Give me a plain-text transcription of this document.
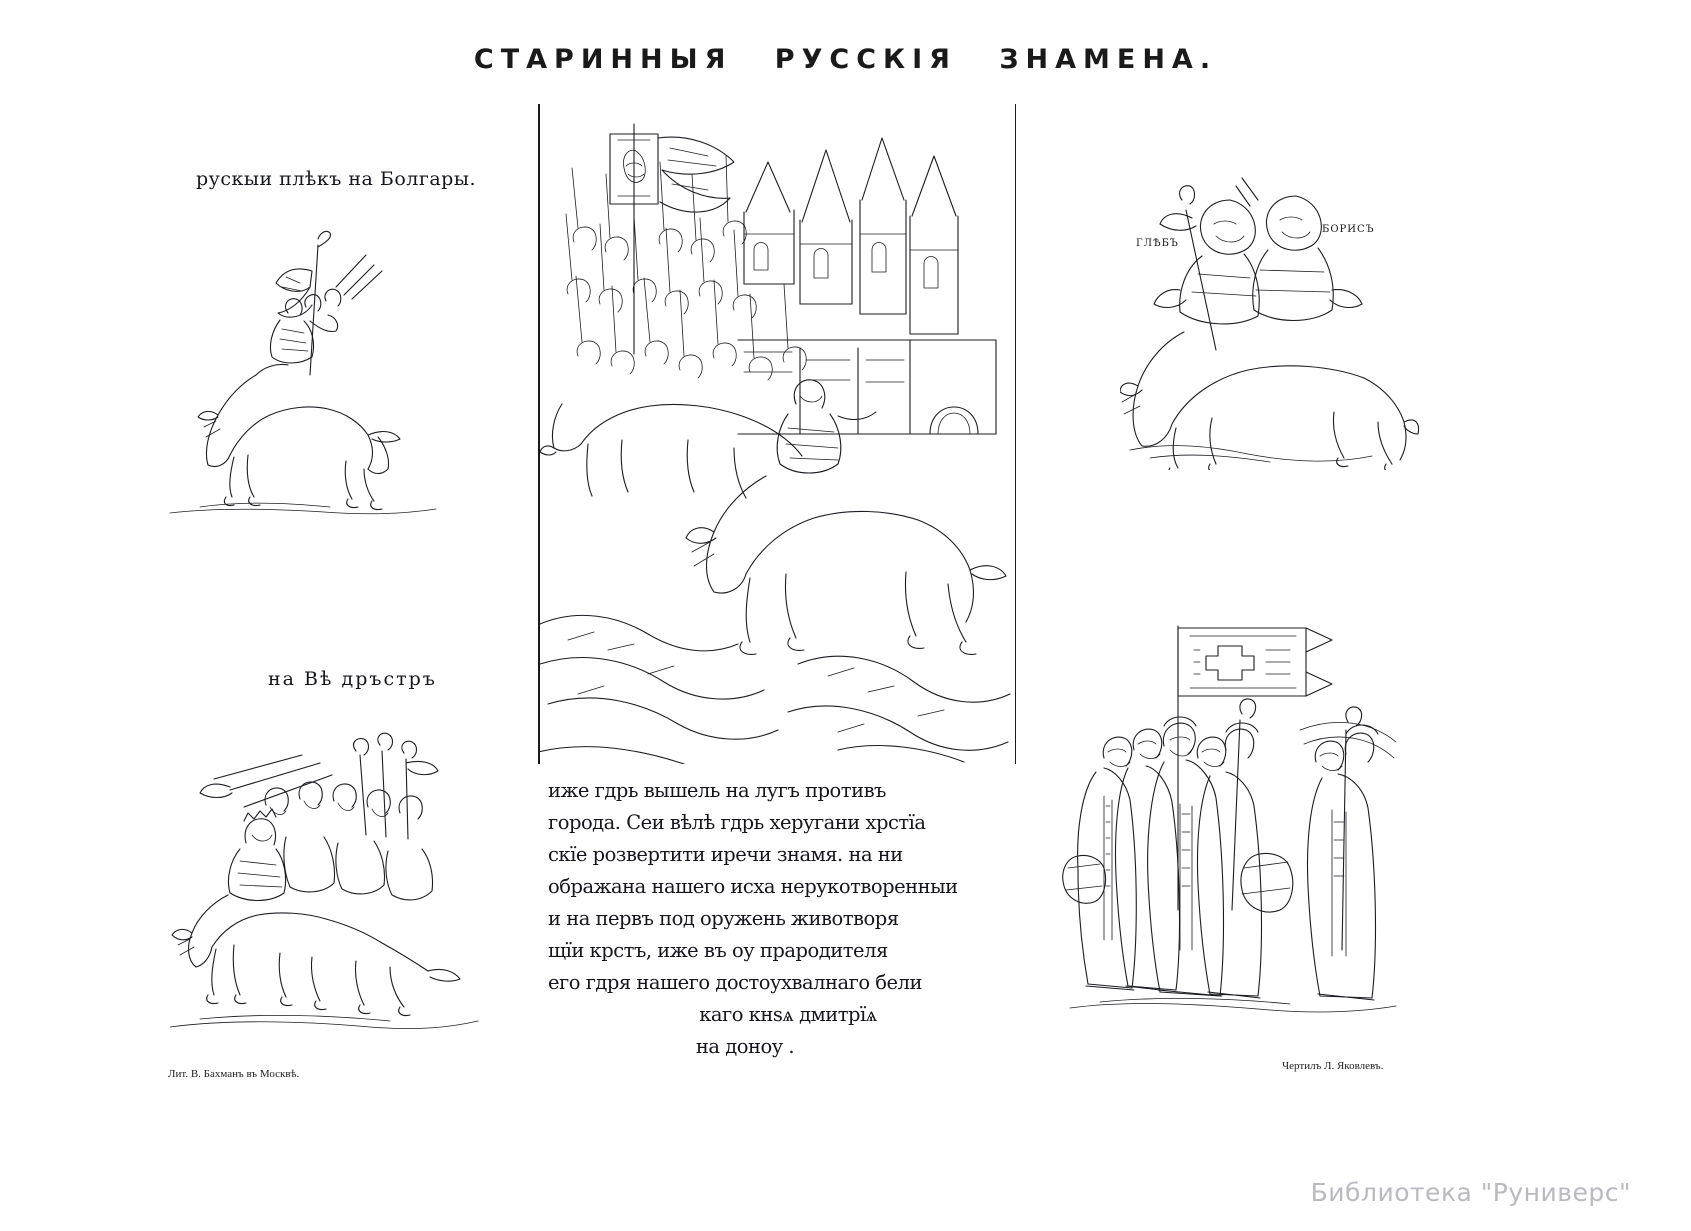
СТАРИННЫЯ РУССКІЯ ЗНАМЕНА.
рускыи плѣкъ на Болгары.
на Вѣ дръстръ
иже гдрь вышель на лугъ противъ
города. Сеи вѣлѣ гдрь херугани хрстїа
скїе розвертити иречи знамя. на ни
ображана нашего исха нерукотворенныи
и на первъ под оружень животворя
щїи крстъ, иже въ оу прародителя
его гдря нашего достоухвалнаго бели
каго кнѕѧ дмитрїѧ
на доноу .
ГЛѢБЪ
БОРИСЪ
Лит. В. Бахманъ въ Москвѣ.
Чертилъ Л. Яковлевъ.
Библиотека "Руниверс"
